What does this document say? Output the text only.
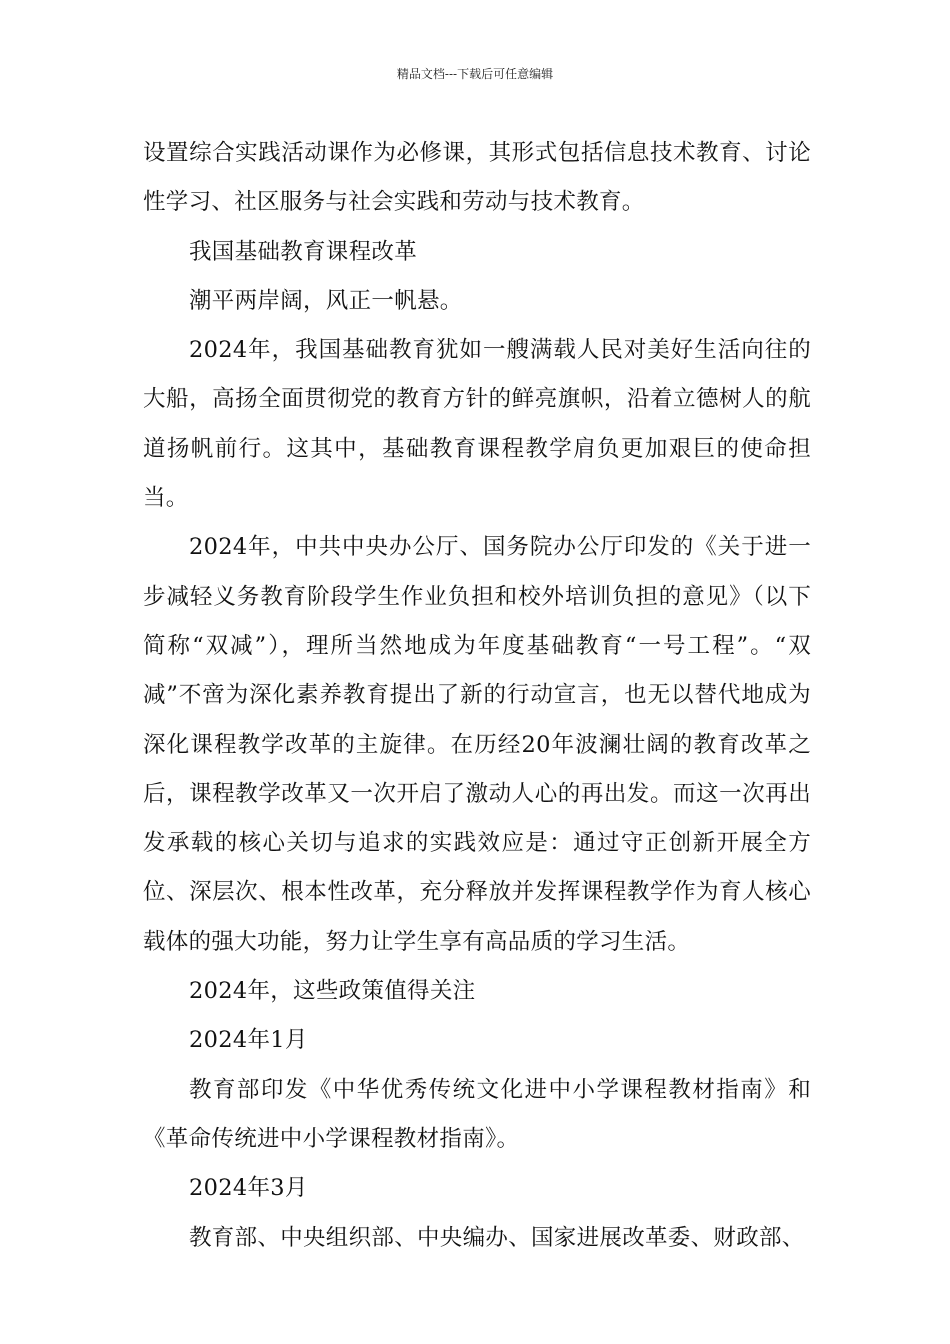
精品文档---下载后可任意编辑

设置综合实践活动课作为必修课，其形式包括信息技术教育、讨论性学习、社区服务与社会实践和劳动与技术教育。

我国基础教育课程改革

潮平两岸阔，风正一帆悬。

2024年，我国基础教育犹如一艘满载人民对美好生活向往的大船，高扬全面贯彻党的教育方针的鲜亮旗帜，沿着立德树人的航道扬帆前行。这其中，基础教育课程教学肩负更加艰巨的使命担当。

2024年，中共中央办公厅、国务院办公厅印发的《关于进一步减轻义务教育阶段学生作业负担和校外培训负担的意见》（以下简称“双减”），理所当然地成为年度基础教育“一号工程”。“双减”不啻为深化素养教育提出了新的行动宣言，也无以替代地成为深化课程教学改革的主旋律。在历经20年波澜壮阔的教育改革之后，课程教学改革又一次开启了激动人心的再出发。而这一次再出发承载的核心关切与追求的实践效应是：通过守正创新开展全方位、深层次、根本性改革，充分释放并发挥课程教学作为育人核心载体的强大功能，努力让学生享有高品质的学习生活。

2024年，这些政策值得关注

2024年1月

教育部印发《中华优秀传统文化进中小学课程教材指南》和《革命传统进中小学课程教材指南》。

2024年3月

教育部、中央组织部、中央编办、国家进展改革委、财政部、
